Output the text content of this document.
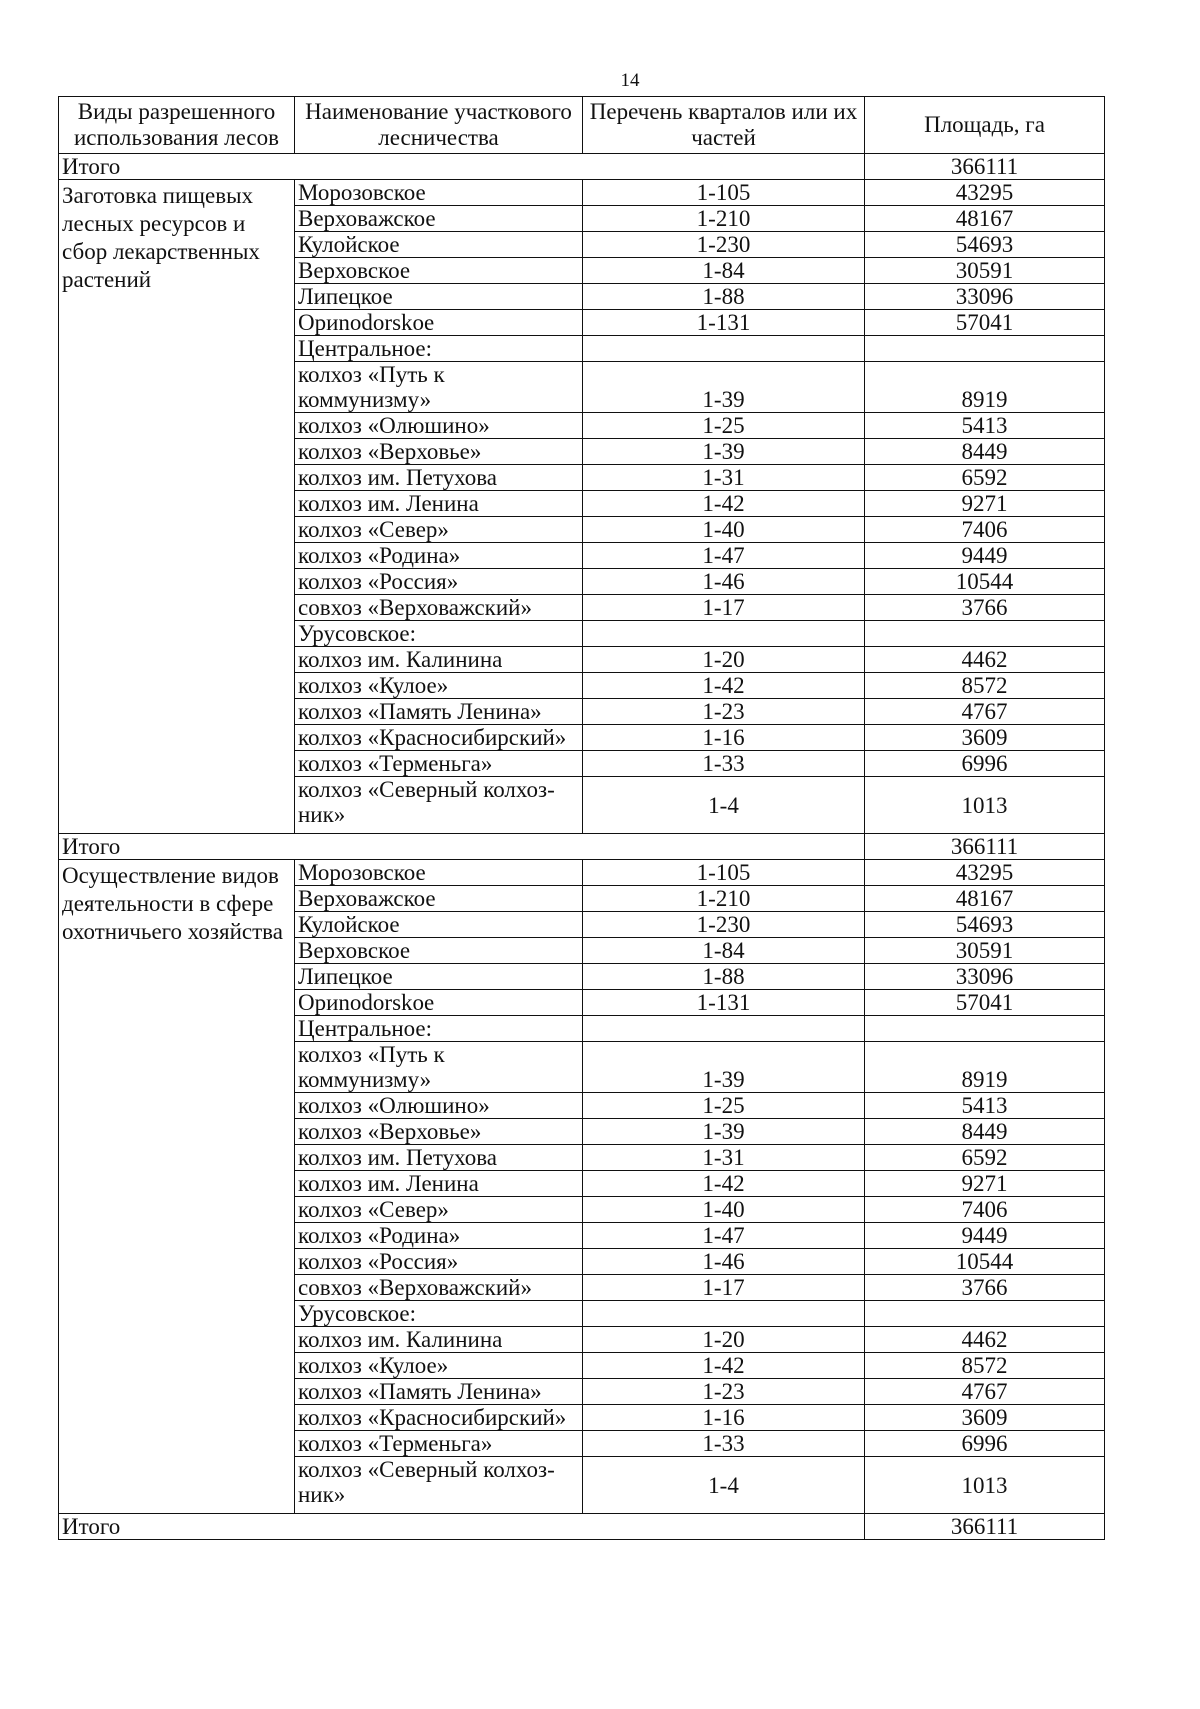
14
Виды разрешенного использования лесов	Наименование участкового лесничества	Перечень кварталов или их частей	Площадь, га
Итого			366111
Заготовка пищевых лесных ресурсов и сбор лекарственных растений	Морозовское	1-105	43295
	Верховажское	1-210	48167
	Кулойское	1-230	54693
	Верховское	1-84	30591
	Липецкое	1-88	33096
	Ориnodorskoe	1-131	57041
	Центральное:		
	колхоз «Путь к коммунизму»	1-39	8919
	колхоз «Олюшино»	1-25	5413
	колхоз «Верховье»	1-39	8449
	колхоз им. Петухова	1-31	6592
	колхоз им. Ленина	1-42	9271
	колхоз «Север»	1-40	7406
	колхоз «Родина»	1-47	9449
	колхоз «Россия»	1-46	10544
	совхоз «Верховажский»	1-17	3766
	Урусовское:		
	колхоз им. Калинина	1-20	4462
	колхоз «Кулое»	1-42	8572
	колхоз «Память Ленина»	1-23	4767
	колхоз «Красносибирский»	1-16	3609
	колхоз «Терменьга»	1-33	6996
	колхоз «Северный колхоз-ник»	1-4	1013
Итого			366111
Осуществление видов деятельности в сфере охотничьего хозяйства	Морозовское	1-105	43295
	Верховажское	1-210	48167
	Кулойское	1-230	54693
	Верховское	1-84	30591
	Липецкое	1-88	33096
	Ориnodorskoe	1-131	57041
	Центральное:		
	колхоз «Путь к коммунизму»	1-39	8919
	колхоз «Олюшино»	1-25	5413
	колхоз «Верховье»	1-39	8449
	колхоз им. Петухова	1-31	6592
	колхоз им. Ленина	1-42	9271
	колхоз «Север»	1-40	7406
	колхоз «Родина»	1-47	9449
	колхоз «Россия»	1-46	10544
	совхоз «Верховажский»	1-17	3766
	Урусовское:		
	колхоз им. Калинина	1-20	4462
	колхоз «Кулое»	1-42	8572
	колхоз «Память Ленина»	1-23	4767
	колхоз «Красносибирский»	1-16	3609
	колхоз «Терменьга»	1-33	6996
	колхоз «Северный колхоз-ник»	1-4	1013
Итого			366111
